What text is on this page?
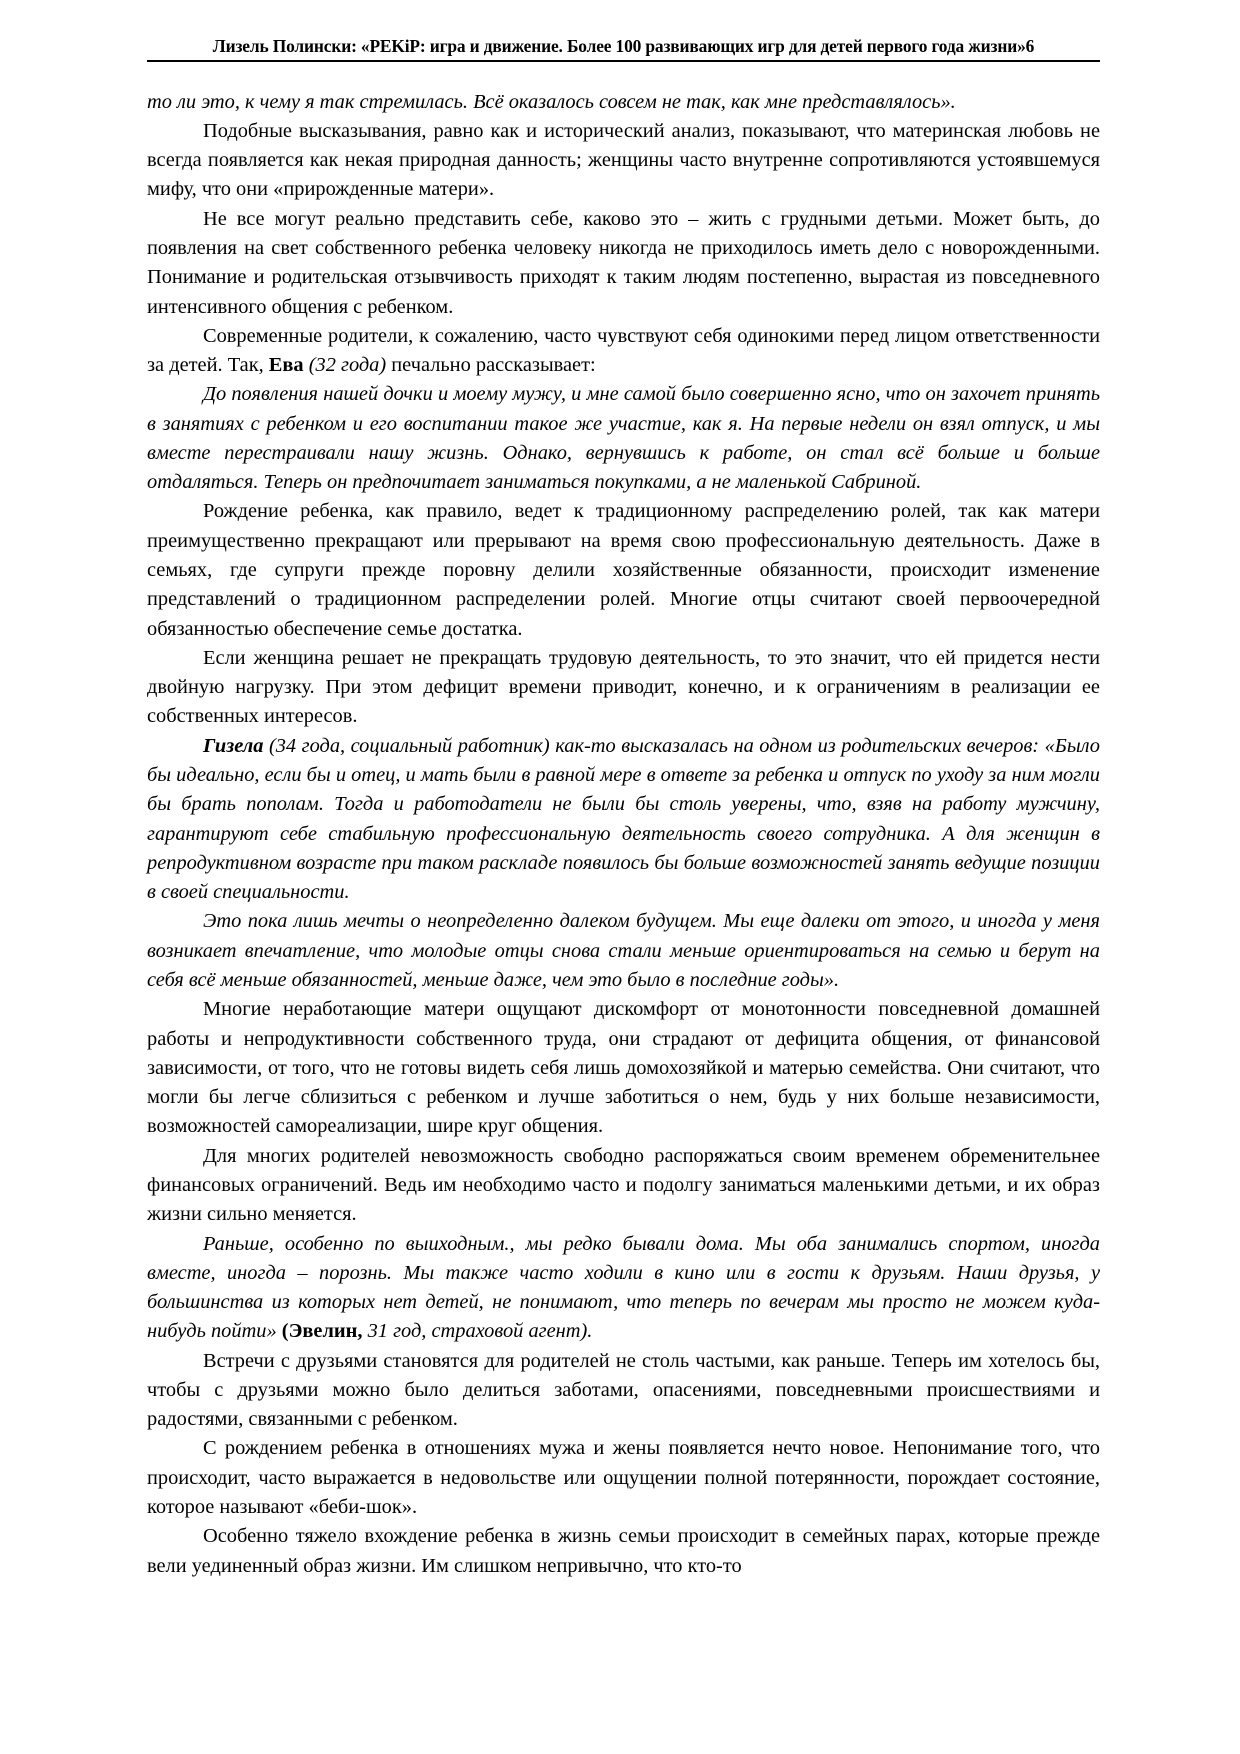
Лизель Полински: «PEKiP: игра и движение. Более 100 развивающих игр для детей первого года жизни»6

то ли это, к чему я так стремилась. Всё оказалось совсем не так, как мне представлялось».

Подобные высказывания, равно как и исторический анализ, показывают, что материнская любовь не всегда появляется как некая природная данность; женщины часто внутренне сопротивляются устоявшемуся мифу, что они «прирожденные матери».

Не все могут реально представить себе, каково это – жить с грудными детьми. Может быть, до появления на свет собственного ребенка человеку никогда не приходилось иметь дело с новорожденными. Понимание и родительская отзывчивость приходят к таким людям постепенно, вырастая из повседневного интенсивного общения с ребенком.

Современные родители, к сожалению, часто чувствуют себя одинокими перед лицом ответственности за детей. Так, Ева (32 года) печально рассказывает:

До появления нашей дочки и моему мужу, и мне самой было совершенно ясно, что он захочет принять в занятиях с ребенком и его воспитании такое же участие, как я. На первые недели он взял отпуск, и мы вместе перестраивали нашу жизнь. Однако, вернувшись к работе, он стал всё больше и больше отдаляться. Теперь он предпочитает заниматься покупками, а не маленькой Сабриной.

Рождение ребенка, как правило, ведет к традиционному распределению ролей, так как матери преимущественно прекращают или прерывают на время свою профессиональную деятельность. Даже в семьях, где супруги прежде поровну делили хозяйственные обязанности, происходит изменение представлений о традиционном распределении ролей. Многие отцы считают своей первоочередной обязанностью обеспечение семье достатка.

Если женщина решает не прекращать трудовую деятельность, то это значит, что ей придется нести двойную нагрузку. При этом дефицит времени приводит, конечно, и к ограничениям в реализации ее собственных интересов.

Гизела (34 года, социальный работник) как-то высказалась на одном из родительских вечеров: «Было бы идеально, если бы и отец, и мать были в равной мере в ответе за ребенка и отпуск по уходу за ним могли бы брать пополам. Тогда и работодатели не были бы столь уверены, что, взяв на работу мужчину, гарантируют себе стабильную профессиональную деятельность своего сотрудника. А для женщин в репродуктивном возрасте при таком раскладе появилось бы больше возможностей занять ведущие позиции в своей специальности.

Это пока лишь мечты о неопределенно далеком будущем. Мы еще далеки от этого, и иногда у меня возникает впечатление, что молодые отцы снова стали меньше ориентироваться на семью и берут на себя всё меньше обязанностей, меньше даже, чем это было в последние годы».

Многие неработающие матери ощущают дискомфорт от монотонности повседневной домашней работы и непродуктивности собственного труда, они страдают от дефицита общения, от финансовой зависимости, от того, что не готовы видеть себя лишь домохозяйкой и матерью семейства. Они считают, что могли бы легче сблизиться с ребенком и лучше заботиться о нем, будь у них больше независимости, возможностей самореализации, шире круг общения.

Для многих родителей невозможность свободно распоряжаться своим временем обременительнее финансовых ограничений. Ведь им необходимо часто и подолгу заниматься маленькими детьми, и их образ жизни сильно меняется.

Раньше, особенно по выиходным., мы редко бывали дома. Мы оба занимались спортом, иногда вместе, иногда – порознь. Мы также часто ходили в кино или в гости к друзьям. Наши друзья, у большинства из которых нет детей, не понимают, что теперь по вечерам мы просто не можем куда-нибудь пойти» (Эвелин, 31 год, страховой агент).

Встречи с друзьями становятся для родителей не столь частыми, как раньше. Теперь им хотелось бы, чтобы с друзьями можно было делиться заботами, опасениями, повседневными происшествиями и радостями, связанными с ребенком.

С рождением ребенка в отношениях мужа и жены появляется нечто новое. Непонимание того, что происходит, часто выражается в недовольстве или ощущении полной потерянности, порождает состояние, которое называют «беби-шок».

Особенно тяжело вхождение ребенка в жизнь семьи происходит в семейных парах, которые прежде вели уединенный образ жизни. Им слишком непривычно, что кто-то
